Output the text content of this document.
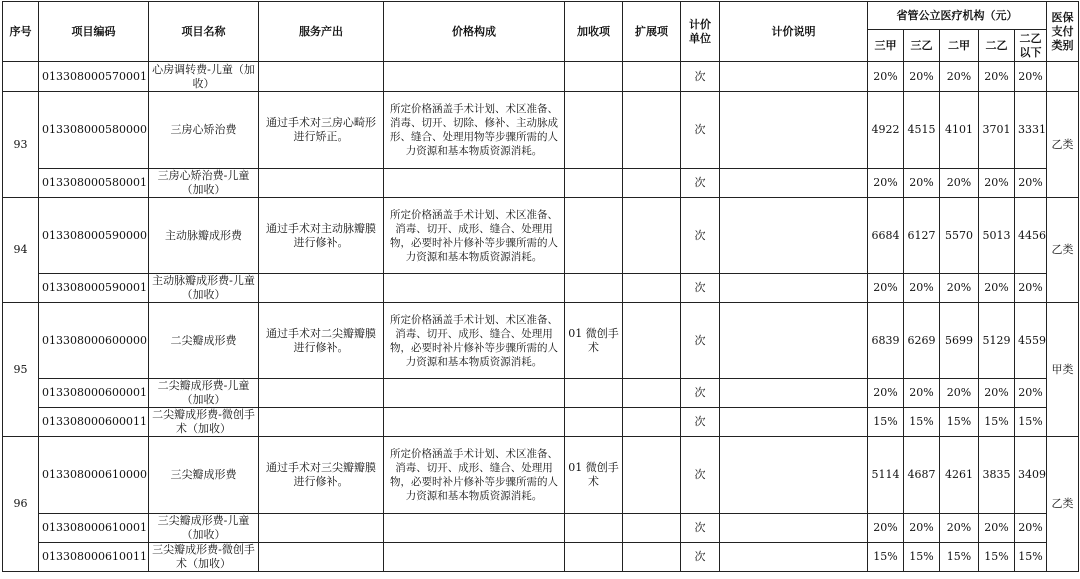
序号	项目编码	项目名称	服务产出	价格构成	加收项	扩展项	计价单位	计价说明	省管公立医疗机构（元）					医保支付类别
									三甲	三乙	二甲	二乙	二乙以下	
	013308000570001	心房调转费-儿童（加收）					次		20%	20%	20%	20%	20%	
93	013308000580000	三房心矫治费	通过手术对三房心畸形进行矫正。	所定价格涵盖手术计划、术区准备、消毒、切开、切除、修补、主动脉成形、缝合、处理用物等步骤所需的人力资源和基本物质资源消耗。			次		4922	4515	4101	3701	3331	乙类
	013308000580001	三房心矫治费-儿童（加收）					次		20%	20%	20%	20%	20%	
94	013308000590000	主动脉瓣成形费	通过手术对主动脉瓣膜进行修补。	所定价格涵盖手术计划、术区准备、消毒、切开、成形、缝合、处理用物，必要时补片修补等步骤所需的人力资源和基本物质资源消耗。			次		6684	6127	5570	5013	4456	乙类
	013308000590001	主动脉瓣成形费-儿童（加收）					次		20%	20%	20%	20%	20%	
95	013308000600000	二尖瓣成形费	通过手术对二尖瓣瓣膜进行修补。	所定价格涵盖手术计划、术区准备、消毒、切开、成形、缝合、处理用物，必要时补片修补等步骤所需的人力资源和基本物质资源消耗。	01 微创手术		次		6839	6269	5699	5129	4559	甲类
	013308000600001	二尖瓣成形费-儿童（加收）					次		20%	20%	20%	20%	20%	
	013308000600011	二尖瓣成形费-微创手术（加收）					次		15%	15%	15%	15%	15%	
96	013308000610000	三尖瓣成形费	通过手术对三尖瓣瓣膜进行修补。	所定价格涵盖手术计划、术区准备、消毒、切开、成形、缝合、处理用物，必要时补片修补等步骤所需的人力资源和基本物质资源消耗。	01 微创手术		次		5114	4687	4261	3835	3409	乙类
	013308000610001	三尖瓣成形费-儿童（加收）					次		20%	20%	20%	20%	20%	
	013308000610011	三尖瓣成形费-微创手术（加收）					次		15%	15%	15%	15%	15%	
